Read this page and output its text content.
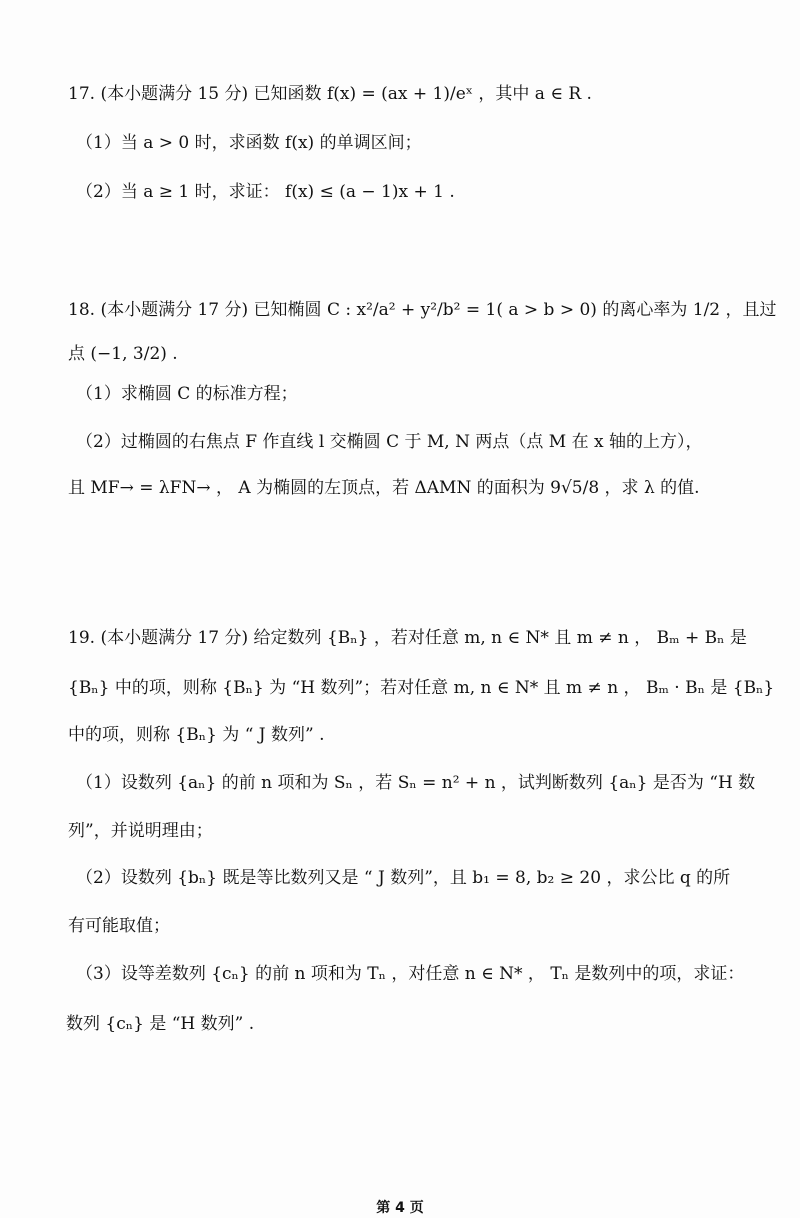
17. (本小题满分 15 分) 已知函数 f(x) = (ax + 1)/eˣ ，其中 a ∈ R .
（1）当 a > 0 时，求函数 f(x) 的单调区间；
（2）当 a ≥ 1 时，求证： f(x) ≤ (a − 1)x + 1 .
18. (本小题满分 17 分) 已知椭圆 C : x²/a² + y²/b² = 1( a > b > 0) 的离心率为 1/2 ，且过
点 (−1, 3/2) .
（1）求椭圆 C 的标准方程；
（2）过椭圆的右焦点 F 作直线 l 交椭圆 C 于 M, N 两点（点 M 在 x 轴的上方），
且 MF→ = λFN→ ， A 为椭圆的左顶点，若 ΔAMN 的面积为 9√5/8 ，求 λ 的值.
19. (本小题满分 17 分) 给定数列 {Bₙ} ，若对任意 m, n ∈ N* 且 m ≠ n ， Bₘ + Bₙ 是
{Bₙ} 中的项，则称 {Bₙ} 为 “H 数列”；若对任意 m, n ∈ N* 且 m ≠ n ， Bₘ · Bₙ 是 {Bₙ}
中的项，则称 {Bₙ} 为 “ J 数列” .
（1）设数列 {aₙ} 的前 n 项和为 Sₙ ，若 Sₙ = n² + n ，试判断数列 {aₙ} 是否为 “H 数
列”，并说明理由；
（2）设数列 {bₙ} 既是等比数列又是 “ J 数列”，且 b₁ = 8, b₂ ≥ 20 ，求公比 q 的所
有可能取值；
（3）设等差数列 {cₙ} 的前 n 项和为 Tₙ ，对任意 n ∈ N* ， Tₙ 是数列中的项，求证：
数列 {cₙ} 是 “H 数列” .
第 4 页
